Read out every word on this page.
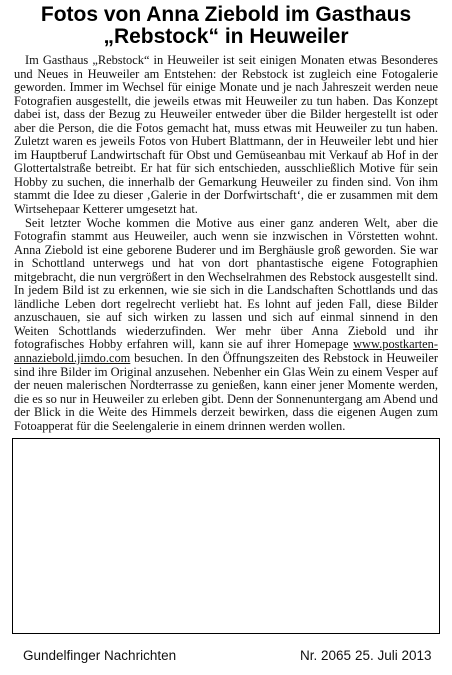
Fotos von Anna Ziebold im Gasthaus
„Rebstock“ in Heuweiler

Im Gasthaus „Rebstock“ in Heuweiler ist seit einigen Monaten etwas Besonderes und Neues in Heuweiler am Entstehen: der Rebstock ist zugleich eine Fotogalerie geworden. Immer im Wechsel für einige Monate und je nach Jahreszeit werden neue Fotografien ausgestellt, die jeweils etwas mit Heuweiler zu tun haben. Das Konzept dabei ist, dass der Bezug zu Heuweiler entweder über die Bilder hergestellt ist oder aber die Person, die die Fotos gemacht hat, muss etwas mit Heuweiler zu tun haben. Zuletzt waren es jeweils Fotos von Hubert Blattmann, der in Heuweiler lebt und hier im Hauptberuf Landwirtschaft für Obst und Gemüseanbau mit Verkauf ab Hof in der Glottertalstraße betreibt. Er hat für sich entschieden, ausschließlich Motive für sein Hobby zu suchen, die innerhalb der Gemarkung Heuweiler zu finden sind. Von ihm stammt die Idee zu dieser ‚Galerie in der Dorfwirtschaft‘, die er zusammen mit dem Wirtsehepaar Ketterer umgesetzt hat.

Seit letzter Woche kommen die Motive aus einer ganz anderen Welt, aber die Fotografin stammt aus Heuweiler, auch wenn sie inzwischen in Vörstetten wohnt. Anna Ziebold ist eine geborene Buderer und im Berghäusle groß geworden. Sie war in Schottland unterwegs und hat von dort phantastische eigene Fotographien mitgebracht, die nun vergrößert in den Wechselrahmen des Rebstock ausgestellt sind. In jedem Bild ist zu erkennen, wie sie sich in die Landschaften Schottlands und das ländliche Leben dort regelrecht verliebt hat. Es lohnt auf jeden Fall, diese Bilder anzuschauen, sie auf sich wirken zu lassen und sich auf einmal sinnend in den Weiten Schottlands wiederzufinden. Wer mehr über Anna Ziebold und ihr fotografisches Hobby erfahren will, kann sie auf ihrer Homepage www.postkarten-annaziebold.jimdo.com besuchen. In den Öffnungszeiten des Rebstock in Heuweiler sind ihre Bilder im Original anzusehen. Nebenher ein Glas Wein zu einem Vesper auf der neuen malerischen Nordterrasse zu genießen, kann einer jener Momente werden, die es so nur in Heuweiler zu erleben gibt. Denn der Sonnenuntergang am Abend und der Blick in die Weite des Himmels derzeit bewirken, dass die eigenen Augen zum Fotoapperat für die Seelengalerie in einem drinnen werden wollen.

Gundelfinger Nachrichten	Nr. 2065 25. Juli 2013
